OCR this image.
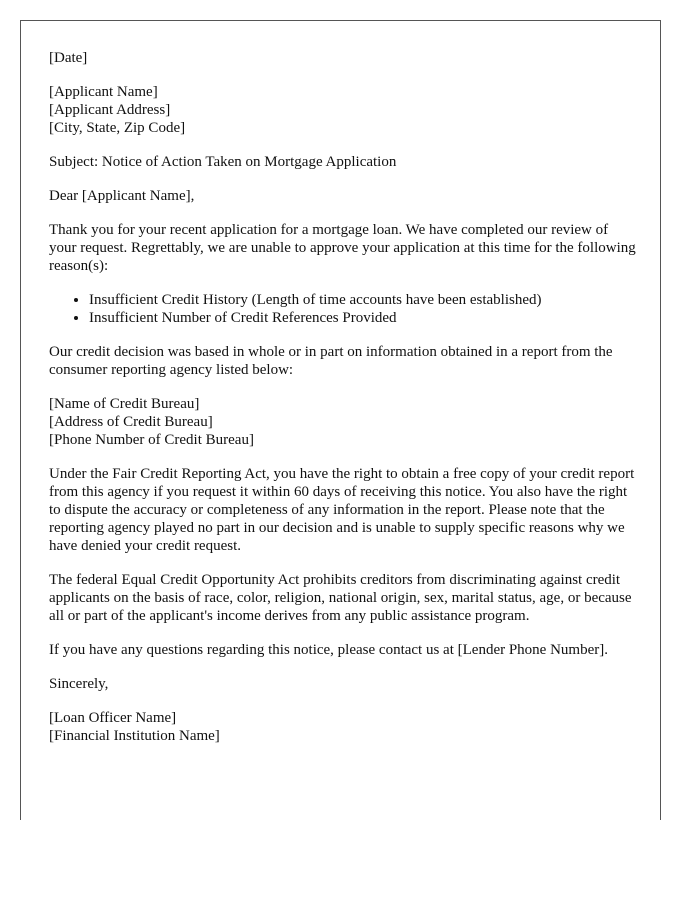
[Date]
[Applicant Name]
[Applicant Address]
[City, State, Zip Code]
Subject: Notice of Action Taken on Mortgage Application
Dear [Applicant Name],
Thank you for your recent application for a mortgage loan. We have completed our review of your request. Regrettably, we are unable to approve your application at this time for the following reason(s):
• Insufficient Credit History (Length of time accounts have been established)
• Insufficient Number of Credit References Provided
Our credit decision was based in whole or in part on information obtained in a report from the consumer reporting agency listed below:
[Name of Credit Bureau]
[Address of Credit Bureau]
[Phone Number of Credit Bureau]
Under the Fair Credit Reporting Act, you have the right to obtain a free copy of your credit report from this agency if you request it within 60 days of receiving this notice. You also have the right to dispute the accuracy or completeness of any information in the report. Please note that the reporting agency played no part in our decision and is unable to supply specific reasons why we have denied your credit request.
The federal Equal Credit Opportunity Act prohibits creditors from discriminating against credit applicants on the basis of race, color, religion, national origin, sex, marital status, age, or because all or part of the applicant's income derives from any public assistance program.
If you have any questions regarding this notice, please contact us at [Lender Phone Number].
Sincerely,
[Loan Officer Name]
[Financial Institution Name]
